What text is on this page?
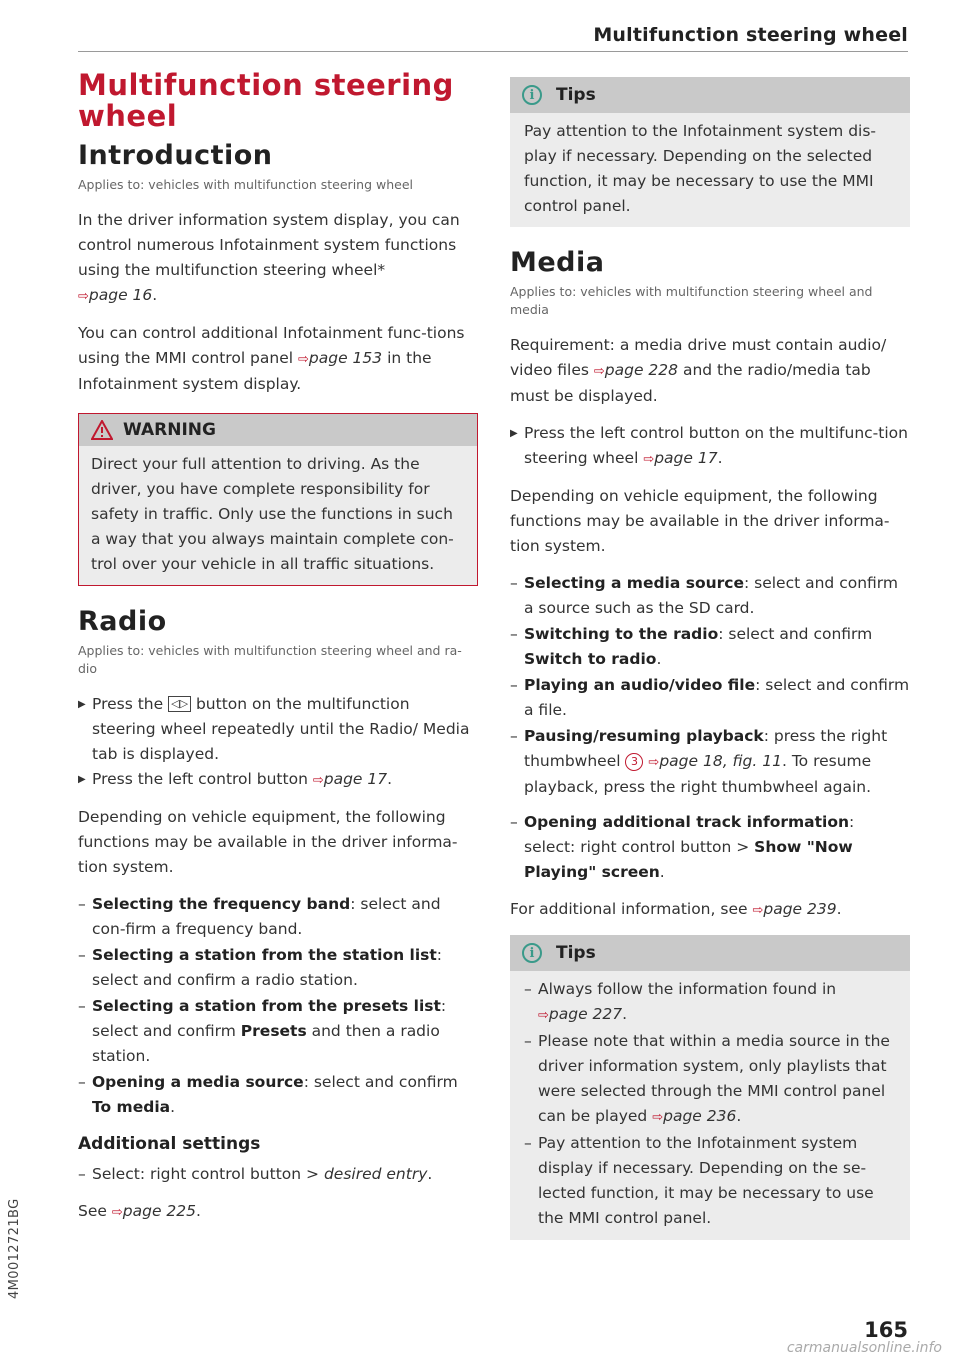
Multifunction steering wheel
Multifunction steering wheel
Introduction
Applies to: vehicles with multifunction steering wheel

In the driver information system display, you can control numerous Infotainment system functions using the multifunction steering wheel*
⇨page 16.

You can control additional Infotainment func-tions using the MMI control panel ⇨page 153 in the Infotainment system display.

WARNING
Direct your full attention to driving. As the driver, you have complete responsibility for safety in traffic. Only use the functions in such a way that you always maintain complete con-trol over your vehicle in all traffic situations.
Radio
Applies to: vehicles with multifunction steering wheel and ra-dio
▶ Press the ◁▷ button on the multifunction steering wheel repeatedly until the Radio/ Media tab is displayed.
▶ Press the left control button ⇨page 17.

Depending on vehicle equipment, the following functions may be available in the driver informa-tion system.

– Selecting the frequency band: select and con-firm a frequency band.
– Selecting a station from the station list: select and confirm a radio station.
– Selecting a station from the presets list: select and confirm Presets and then a radio station.
– Opening a media source: select and confirm To media.
Additional settings
– Select: right control button > desired entry.

See ⇨page 225.

i	Tips
Pay attention to the Infotainment system dis-play if necessary. Depending on the selected function, it may be necessary to use the MMI control panel.
Media
Applies to: vehicles with multifunction steering wheel and media

Requirement: a media drive must contain audio/ video files ⇨page 228 and the radio/media tab must be displayed.

▶ Press the left control button on the multifunc-tion steering wheel ⇨page 17.

Depending on vehicle equipment, the following functions may be available in the driver informa-tion system.

– Selecting a media source: select and confirm a source such as the SD card.
– Switching to the radio: select and confirm Switch to radio.
– Playing an audio/video file: select and confirm a file.
– Pausing/resuming playback: press the right thumbwheel 3 ⇨page 18, fig. 11. To resume playback, press the right thumbwheel again.
– Opening additional track information: select: right control button > Show "Now Playing" screen.

For additional information, see ⇨page 239.

i	Tips
– Always follow the information found in
⇨page 227.
– Please note that within a media source in the driver information system, only playlists that were selected through the MMI control panel can be played ⇨page 236.
– Pay attention to the Infotainment system display if necessary. Depending on the se-lected function, it may be necessary to use the MMI control panel.
4M0012721BG
165
carmanualsonline.info
